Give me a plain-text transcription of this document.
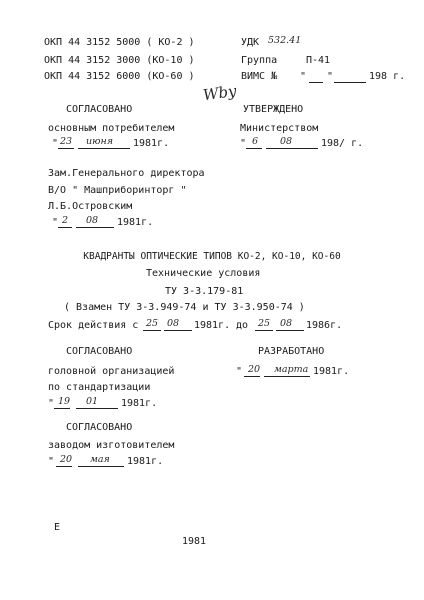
ОКП 44 3152 5000 ( КО-2 )
ОКП 44 3152 3000 (КО-10 )
ОКП 44 3152 6000 (КО-60 )
УДК 532.41
Группа	П-41
ВИМС № " "	198 г.
Wby
СОГЛАСОВАНО
основным потребителем
" 23 июня 1981г.
УТВЕРЖДЕНО
Министерством
" 6 08	198/ г.
Зам.Генерального директора
В/О " Машприборинторг "
Л.Б.Островским
" 2 08 1981г.
КВАДРАНТЫ ОПТИЧЕСКИЕ ТИПОВ КО-2, КО-10, КО-60
Технические условия
ТУ 3-3.179-81
( Взамен ТУ 3-3.949-74 и ТУ 3-3.950-74 )
Срок действия с 25 08 1981г. до 25 08 1986г.
СОГЛАСОВАНО
головной организацией
по стандартизации
" 19 01 1981г.
РАЗРАБОТАНО
" 20 марта 1981г.
СОГЛАСОВАНО
заводом изготовителем
" 20 мая 1981г.
Е
1981
